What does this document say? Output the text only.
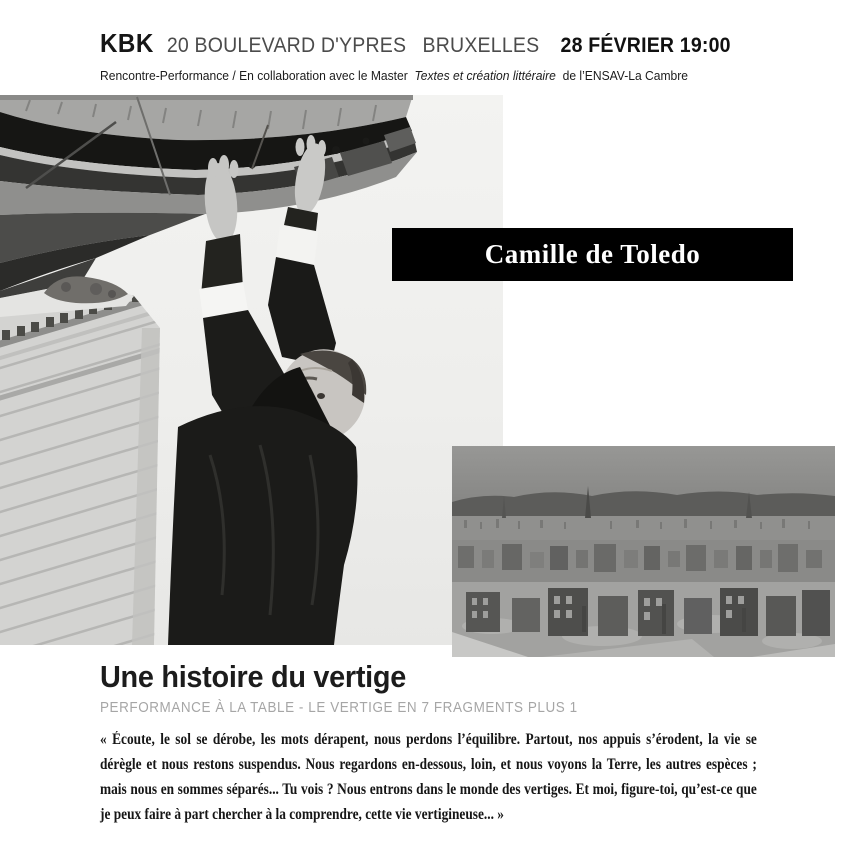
KBK 20 BOULEVARD D'YPRES BRUXELLES 28 FÉVRIER 19:00 Rencontre-Performance / En collaboration avec le Master Textes et création littéraire de l’ENSAV-La Cambre
Camille de Toledo
Une histoire du vertige PERFORMANCE À LA TABLE - LE VERTIGE EN 7 FRAGMENTS PLUS 1

« Écoute, le sol se dérobe, les mots dérapent, nous perdons l’équilibre. Partout, nos appuis s’érodent, la vie se dérègle et nous restons suspendus. Nous regardons en-dessous, loin, et nous voyons la Terre, les autres espèces ; mais nous en sommes séparés... Tu vois ? Nous entrons dans le monde des vertiges. Et moi, figure-toi, qu’est-ce que je peux faire à part chercher à la comprendre, cette vie vertigineuse... »
